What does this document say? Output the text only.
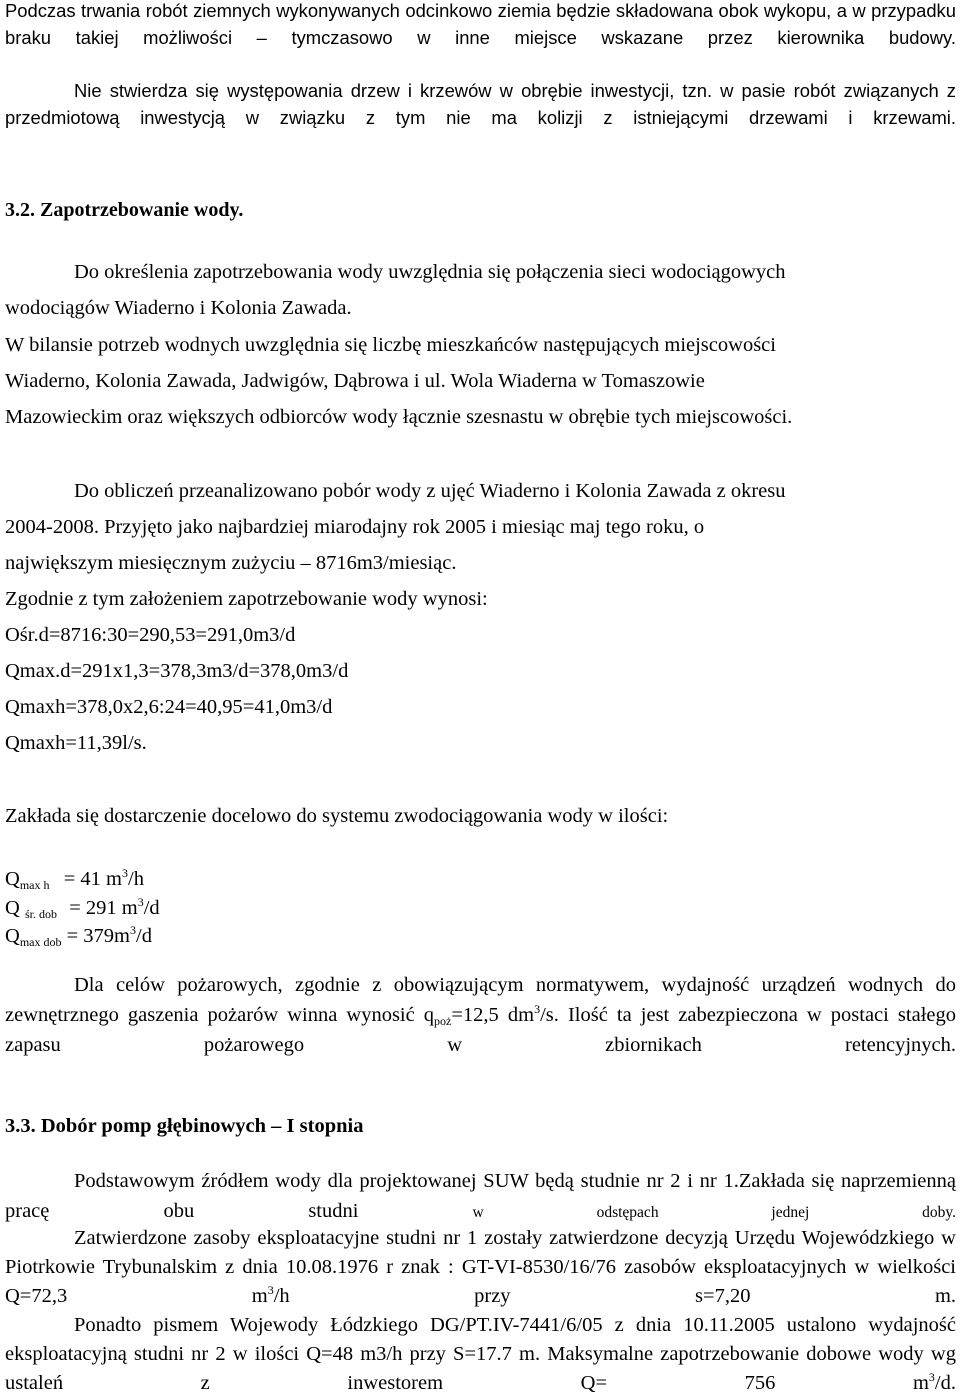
Podczas trwania robót ziemnych wykonywanych odcinkowo ziemia będzie składowana obok wykopu, a w przypadku braku takiej możliwości – tymczasowo w inne miejsce wskazane przez kierownika budowy.

Nie stwierdza się występowania drzew i krzewów w obrębie inwestycji, tzn. w pasie robót związanych z przedmiotową inwestycją w związku z tym nie ma kolizji z istniejącymi drzewami i krzewami.

3.2. Zapotrzebowanie wody.
Do określenia zapotrzebowania wody uwzględnia się połączenia sieci wodociągowych
wodociągów Wiaderno i Kolonia Zawada.
W bilansie potrzeb wodnych uwzględnia się liczbę mieszkańców następujących miejscowości
Wiaderno, Kolonia Zawada, Jadwigów, Dąbrowa i ul. Wola Wiaderna w Tomaszowie
Mazowieckim oraz większych odbiorców wody łącznie szesnastu w obrębie tych miejscowości.
Do obliczeń przeanalizowano pobór wody z ujęć Wiaderno i Kolonia Zawada z okresu
2004-2008. Przyjęto jako najbardziej miarodajny rok 2005 i miesiąc maj tego roku, o
największym miesięcznym zużyciu – 8716m3/miesiąc.
Zgodnie z tym założeniem zapotrzebowanie wody wynosi:
Ośr.d=8716:30=290,53=291,0m3/d
Qmax.d=291x1,3=378,3m3/d=378,0m3/d
Qmaxh=378,0x2,6:24=40,95=41,0m3/d
Qmaxh=11,39l/s.
Zakłada się dostarczenie docelowo do systemu zwodociągowania wody w ilości:
$Q_{max h} = 41$ $m^3/h$
Q $_{śr. dob}$ = 291 $m^3/d$
$Q_{max dob} = 379m^3/d$

Dla celów pożarowych, zgodnie z obowiązującym normatywem, wydajność urządzeń wodnych do zewnętrznego gaszenia pożarów winna wynosić $q_{poż}=12,5$ $dm^3/s$. Ilość ta jest zabezpieczona w postaci stałego zapasu pożarowego w zbiornikach retencyjnych.

3.3. Dobór pomp głębinowych – I stopnia

Podstawowym źródłem wody dla projektowanej SUW będą studnie nr 2 i nr 1.Zakłada się naprzemienną pracę obu studni	w odstępach jednej doby.

Zatwierdzone zasoby eksploatacyjne studni nr 1 zostały zatwierdzone decyzją Urzędu Wojewódzkiego w Piotrkowie Trybunalskim z dnia 10.08.1976 r znak : GT-VI-8530/16/76 zasobów eksploatacyjnych w wielkości Q=72,3 $m^3/h$ przy s=7,20 m.

Ponadto pismem Wojewody Łódzkiego DG/PT.IV-7441/6/05 z dnia 10.11.2005 ustalono wydajność eksploatacyjną studni nr 2 w ilości Q=48 m3/h przy S=17.7 m. Maksymalne zapotrzebowanie dobowe wody wg ustaleń z inwestorem Q= 756 $m^3/d$.
